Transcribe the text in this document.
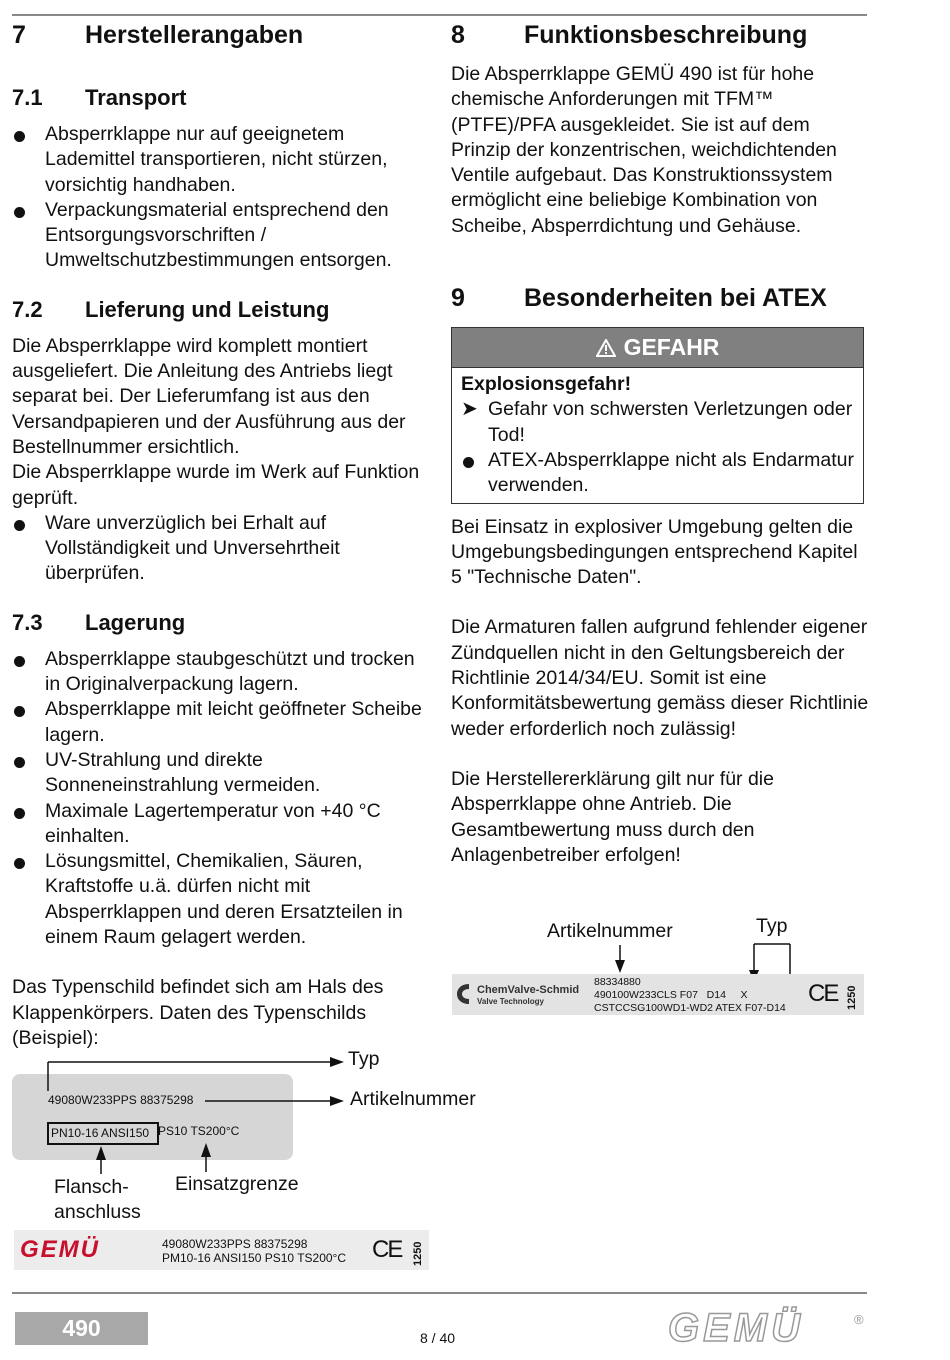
7	Herstellerangaben
7.1	Transport
Absperrklappe nur auf geeignetem Lademittel transportieren, nicht stürzen, vorsichtig handhaben.
Verpackungsmaterial entsprechend den Entsorgungsvorschriften / Umweltschutzbestimmungen entsorgen.
7.2	Lieferung und Leistung

Die Absperrklappe wird komplett montiert ausgeliefert. Die Anleitung des Antriebs liegt separat bei. Der Lieferumfang ist aus den Versandpapieren und der Ausführung aus der Bestellnummer ersichtlich.

Die Absperrklappe wurde im Werk auf Funktion geprüft.

Ware unverzüglich bei Erhalt auf Vollständigkeit und Unversehrtheit überprüfen.
7.3	Lagerung
Absperrklappe staubgeschützt und trocken in Originalverpackung lagern.
Absperrklappe mit leicht geöffneter Scheibe lagern.
UV-Strahlung und direkte Sonneneinstrahlung vermeiden.
Maximale Lagertemperatur von +40 °C einhalten.
Lösungsmittel, Chemikalien, Säuren, Kraftstoffe u.ä. dürfen nicht mit Absperrklappen und deren Ersatzteilen in einem Raum gelagert werden.

Das Typenschild befindet sich am Hals des Klappenkörpers. Daten des Typenschilds (Beispiel):

49080W233PPS 88375298
PN10-16 ANSI150 PS10 TS200°C
Typ
Artikelnummer
Flansch-
anschluss
Einsatzgrenze
GEMÜ	49080W233PPS 88375298
PM10-16 ANSI150 PS10 TS200°C CE 1250
8	Funktionsbeschreibung

Die Absperrklappe GEMÜ 490 ist für hohe chemische Anforderungen mit TFM™ (PTFE)/PFA ausgekleidet. Sie ist auf dem Prinzip der konzentrischen, weichdichtenden Ventile aufgebaut. Das Konstruktionssystem ermöglicht eine beliebige Kombination von Scheibe, Absperrdichtung und Gehäuse.

9	Besonderheiten bei ATEX
GEFAHR
Explosionsgefahr!
➤ Gefahr von schwersten Verletzungen oder Tod!
ATEX-Absperrklappe nicht als Endarmatur verwenden.

Bei Einsatz in explosiver Umgebung gelten die Umgebungsbedingungen entsprechend Kapitel 5 "Technische Daten".

Die Armaturen fallen aufgrund fehlender eigener Zündquellen nicht in den Geltungsbereich der Richtlinie 2014/34/EU. Somit ist eine Konformitätsbewertung gemäss dieser Richtlinie weder erforderlich noch zulässig!

Die Herstellererklärung gilt nur für die Absperrklappe ohne Antrieb. Die Gesamtbewertung muss durch den Anlagenbetreiber erfolgen!

Artikelnummer	Typ
ChemValve-Schmid
Valve Technology
88334880
490100W233CLS F07   D14     X
CSTCCSG100WD1-WD2 ATEX F07-D14
CE 1250
490	8 / 40	GEMÜ	®
